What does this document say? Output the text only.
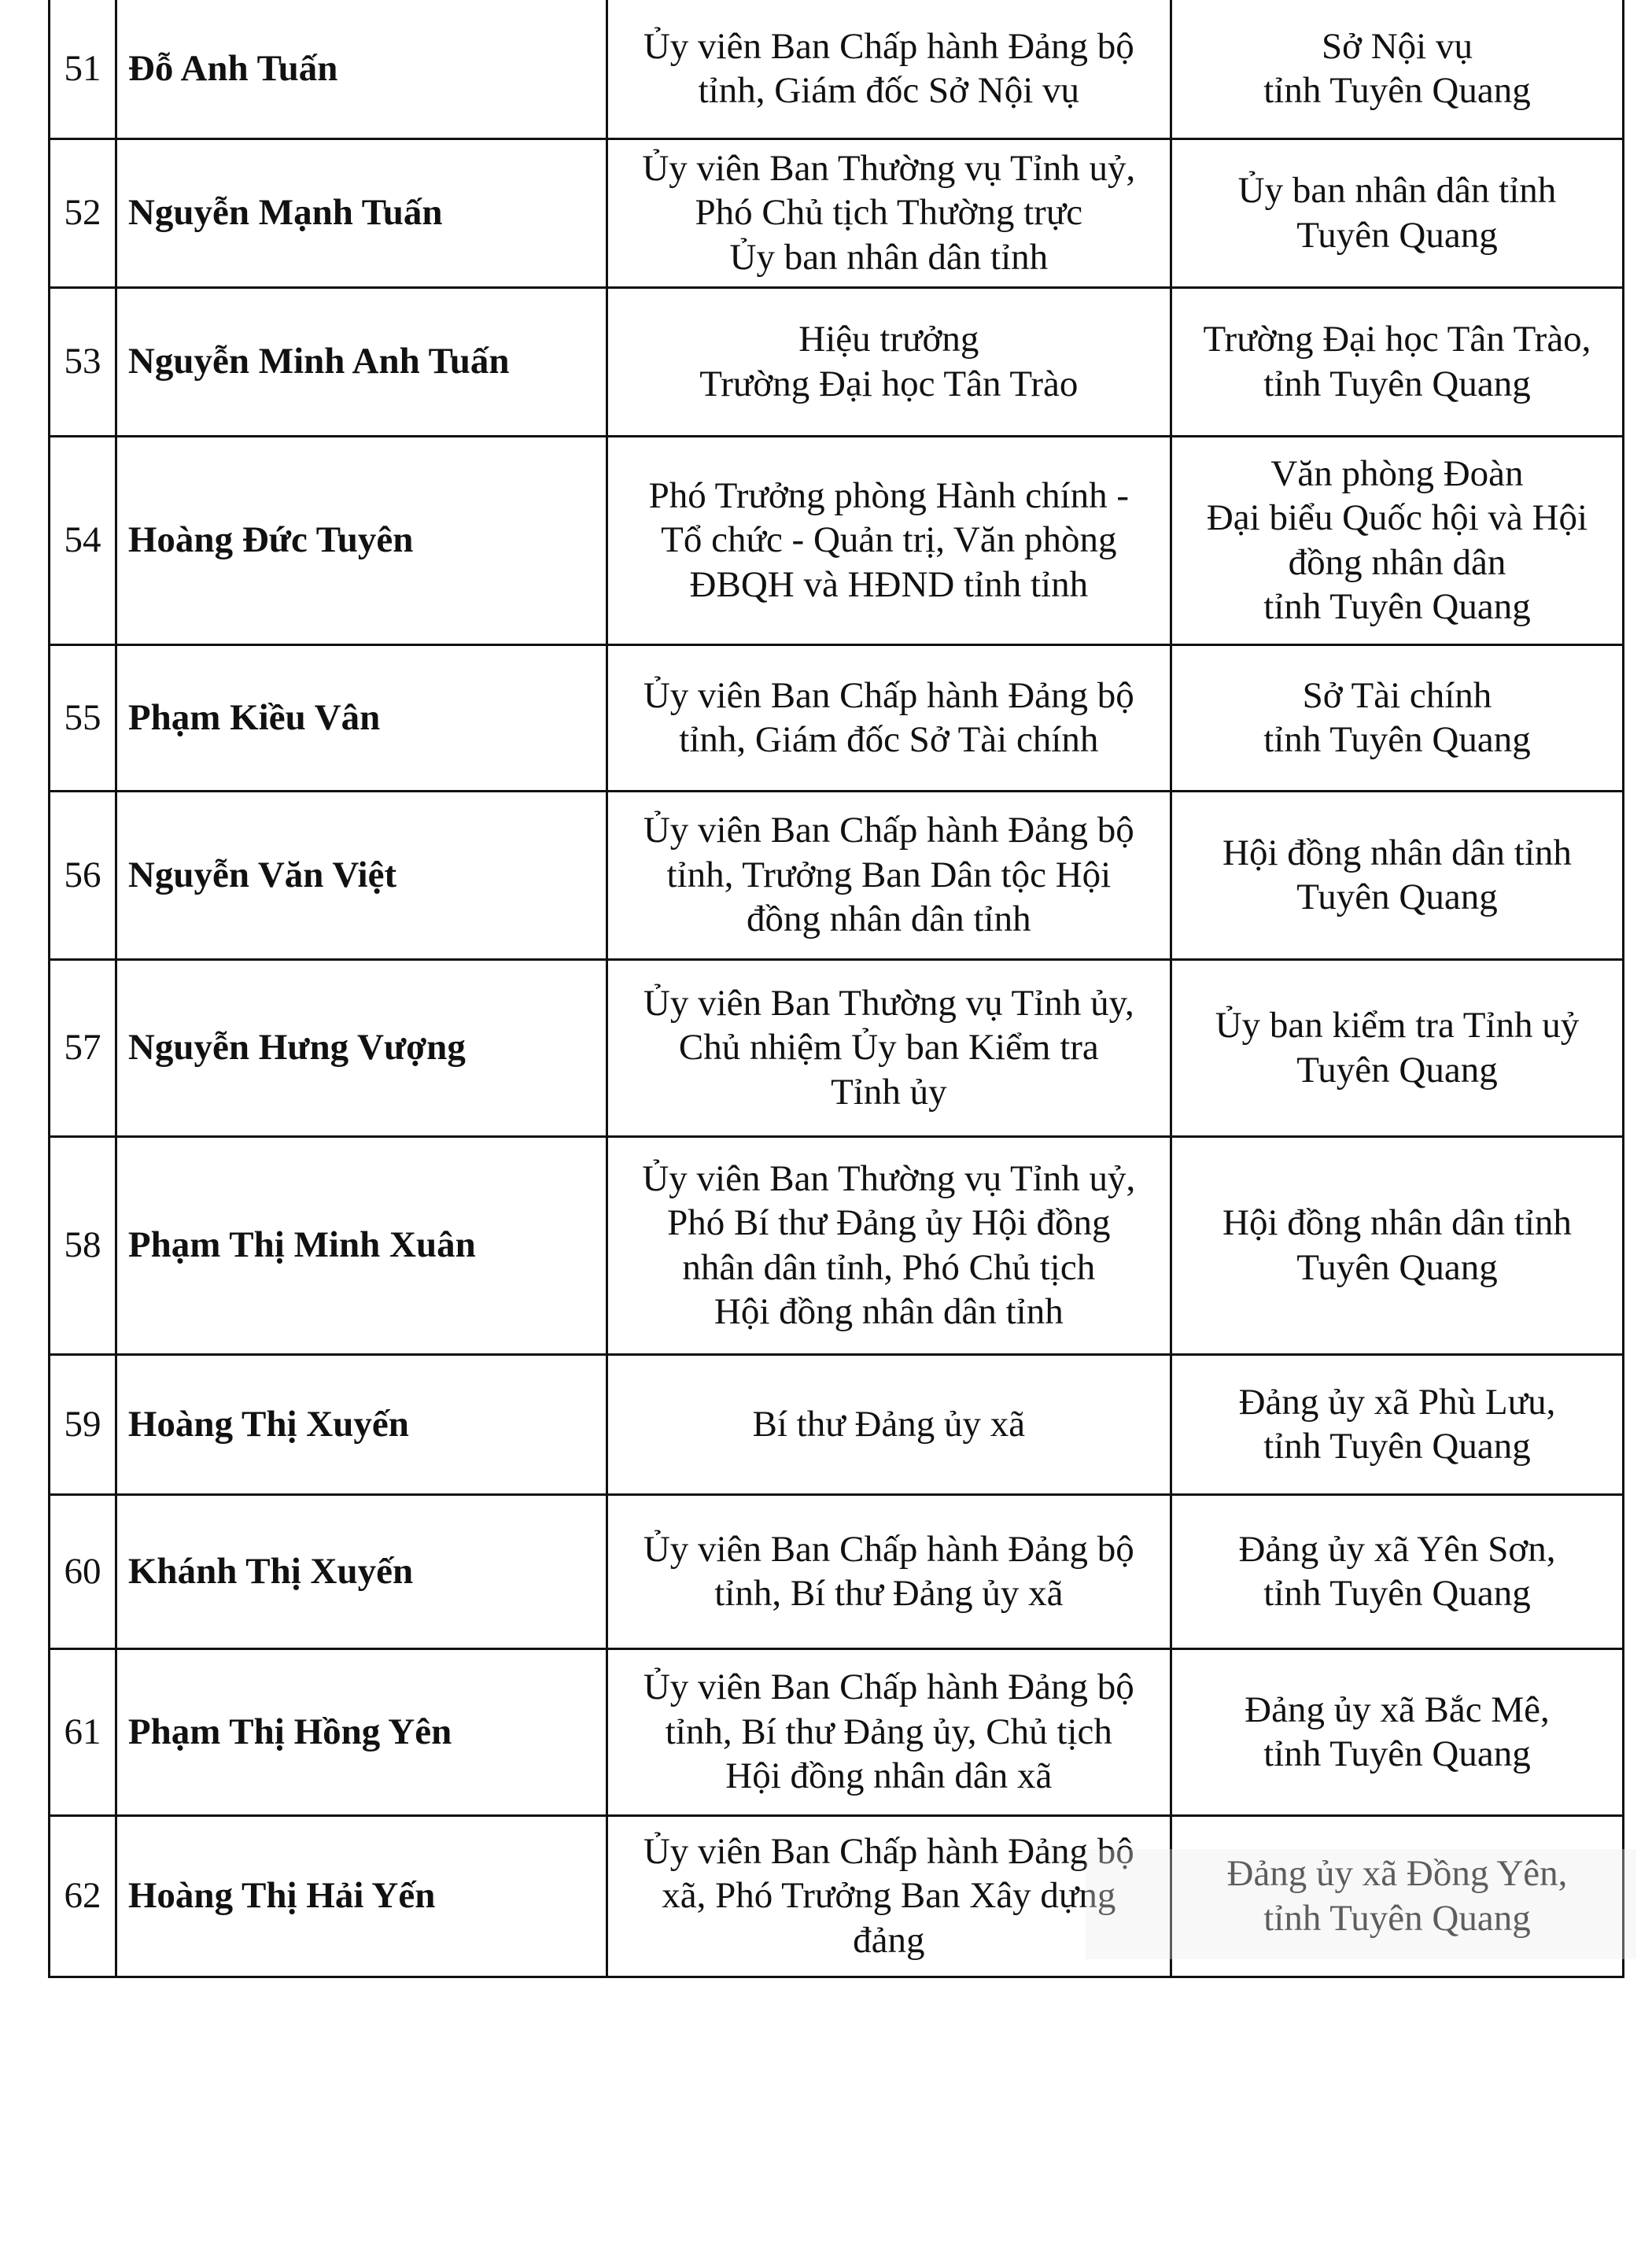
51	Đỗ Anh Tuấn	Ủy viên Ban Chấp hành Đảng bộ
tỉnh, Giám đốc Sở Nội vụ	Sở Nội vụ
tỉnh Tuyên Quang

52	Nguyễn Mạnh Tuấn	Ủy viên Ban Thường vụ Tỉnh uỷ,
Phó Chủ tịch Thường trực
Ủy ban nhân dân tỉnh	Ủy ban nhân dân tỉnh
Tuyên Quang

53	Nguyễn Minh Anh Tuấn	Hiệu trưởng
Trường Đại học Tân Trào	Trường Đại học Tân Trào,
tỉnh Tuyên Quang

54	Hoàng Đức Tuyên	Phó Trưởng phòng Hành chính -
Tổ chức - Quản trị, Văn phòng
ĐBQH và HĐND tỉnh tỉnh	Văn phòng Đoàn
Đại biểu Quốc hội và Hội
đồng nhân dân
tỉnh Tuyên Quang

55	Phạm Kiều Vân	Ủy viên Ban Chấp hành Đảng bộ
tỉnh, Giám đốc Sở Tài chính	Sở Tài chính
tỉnh Tuyên Quang

56	Nguyễn Văn Việt	Ủy viên Ban Chấp hành Đảng bộ
tỉnh, Trưởng Ban Dân tộc Hội
đồng nhân dân tỉnh	Hội đồng nhân dân tỉnh
Tuyên Quang

57	Nguyễn Hưng Vượng	Ủy viên Ban Thường vụ Tỉnh ủy,
Chủ nhiệm Ủy ban Kiểm tra
Tỉnh ủy	Ủy ban kiểm tra Tỉnh uỷ
Tuyên Quang

58	Phạm Thị Minh Xuân	Ủy viên Ban Thường vụ Tỉnh uỷ,
Phó Bí thư Đảng ủy Hội đồng
nhân dân tỉnh, Phó Chủ tịch
Hội đồng nhân dân tỉnh	Hội đồng nhân dân tỉnh
Tuyên Quang

59	Hoàng Thị Xuyến	Bí thư Đảng ủy xã	Đảng ủy xã Phù Lưu,
tỉnh Tuyên Quang

60	Khánh Thị Xuyến	Ủy viên Ban Chấp hành Đảng bộ
tỉnh, Bí thư Đảng ủy xã	Đảng ủy xã Yên Sơn,
tỉnh Tuyên Quang

61	Phạm Thị Hồng Yên	Ủy viên Ban Chấp hành Đảng bộ
tỉnh, Bí thư Đảng ủy, Chủ tịch
Hội đồng nhân dân xã	Đảng ủy xã Bắc Mê,
tỉnh Tuyên Quang

62	Hoàng Thị Hải Yến	Ủy viên Ban Chấp hành Đảng bộ
xã, Phó Trưởng Ban Xây dựng
đảng	Đảng ủy xã Đồng Yên,
tỉnh Tuyên Quang
